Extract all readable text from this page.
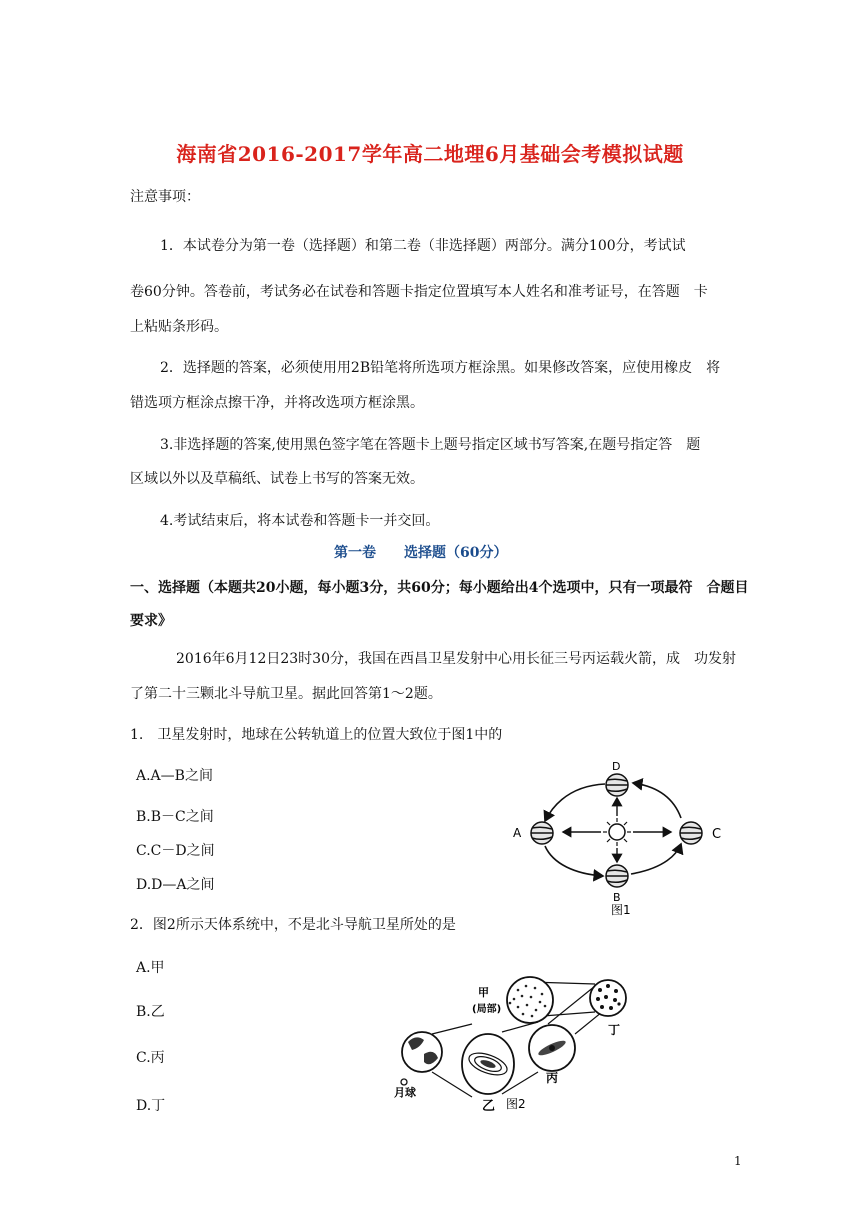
海南省2016-2017学年高二地理6月基础会考模拟试题
注意事项：
1．本试卷分为第一卷（选择题）和第二卷（非选择题）两部分。满分100分，考试试
卷60分钟。答卷前，考试务必在试卷和答题卡指定位置填写本人姓名和准考证号，在答题　卡
上粘贴条形码。
2．选择题的答案，必须使用用2B铅笔将所选项方框涂黑。如果修改答案，应使用橡皮　将
错选项方框涂点擦干净，并将改选项方框涂黑。
3.非选择题的答案,使用黑色签字笔在答题卡上题号指定区域书写答案,在题号指定答　题
区域以外以及草稿纸、试卷上书写的答案无效。
4.考试结束后，将本试卷和答题卡一并交回。
第一卷　　选择题（60分）
一、选择题（本题共20小题，每小题3分，共60分；每小题给出4个选项中，只有一项最符　合题目
要求》
2016年6月12日23时30分，我国在西昌卫星发射中心用长征三号丙运载火箭，成　功发射
了第二十三颗北斗导航卫星。据此回答第1～2题。
1.　卫星发射时，地球在公转轨道上的位置大致位于图1中的
A.A—B之间
B.B－C之间
C.C－D之间
D.D—A之间
D
A	C
B
图1
2．图2所示天体系统中，不是北斗导航卫星所处的是
A.甲
B.乙
C.丙
D.丁
甲
(局部)
丁
丙
乙
月球
图2
1
